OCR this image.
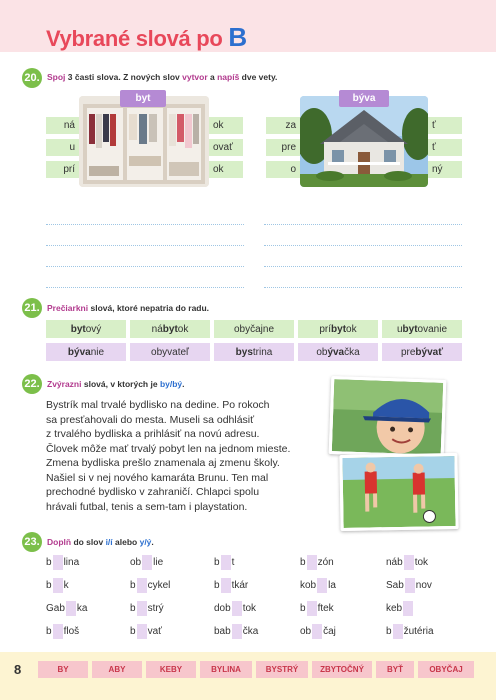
Vybrané slová po B
20. Spoj 3 časti slova. Z nových slov vytvor a napíš dve vety.
byt	býva
ná
u
prí
ok
ovať
ok
za
pre
o
ť
ť
ný
21. Prečiarkni slová, ktoré nepatria do radu.
byt ový	ná byt ok	obyčajne	prí byt ok	u byt ovanie
býva nie	obyvateľ	bys trina	ob ýva čka	pre bývať
22. Zvýrazni slová, v ktorých je by/bý.
Bystrík mal trvalé bydlisko na dedine. Po rokoch
sa presťahovali do mesta. Museli sa odhlásiť
z trvalého bydliska a prihlásiť na novú adresu.
Človek môže mať trvalý pobyt len na jednom mieste.
Zmena bydliska prešlo znamenala aj zmenu školy.
Našiel si v nej nového kamaráta Brunu. Ten mal
prechodné bydlisko v zahraničí. Chlapci spolu
hrávali futbal, tenis a sem-tam i playstation.
23. Doplň do slov i/í alebo y/ý.
b lina	ob lie	b t	b zón	náb tok
b k	b cykel	b tkár	kob la	Sab nov
Gab ka	b strý	dob tok	b ftek	keb
b floš	b vať	bab čka	ob čaj	b žutéria
8	BY	ABY	KEBY	BYLINA	BYSTRÝ	ZBYTOČNÝ	BYŤ	OBYČAJ
